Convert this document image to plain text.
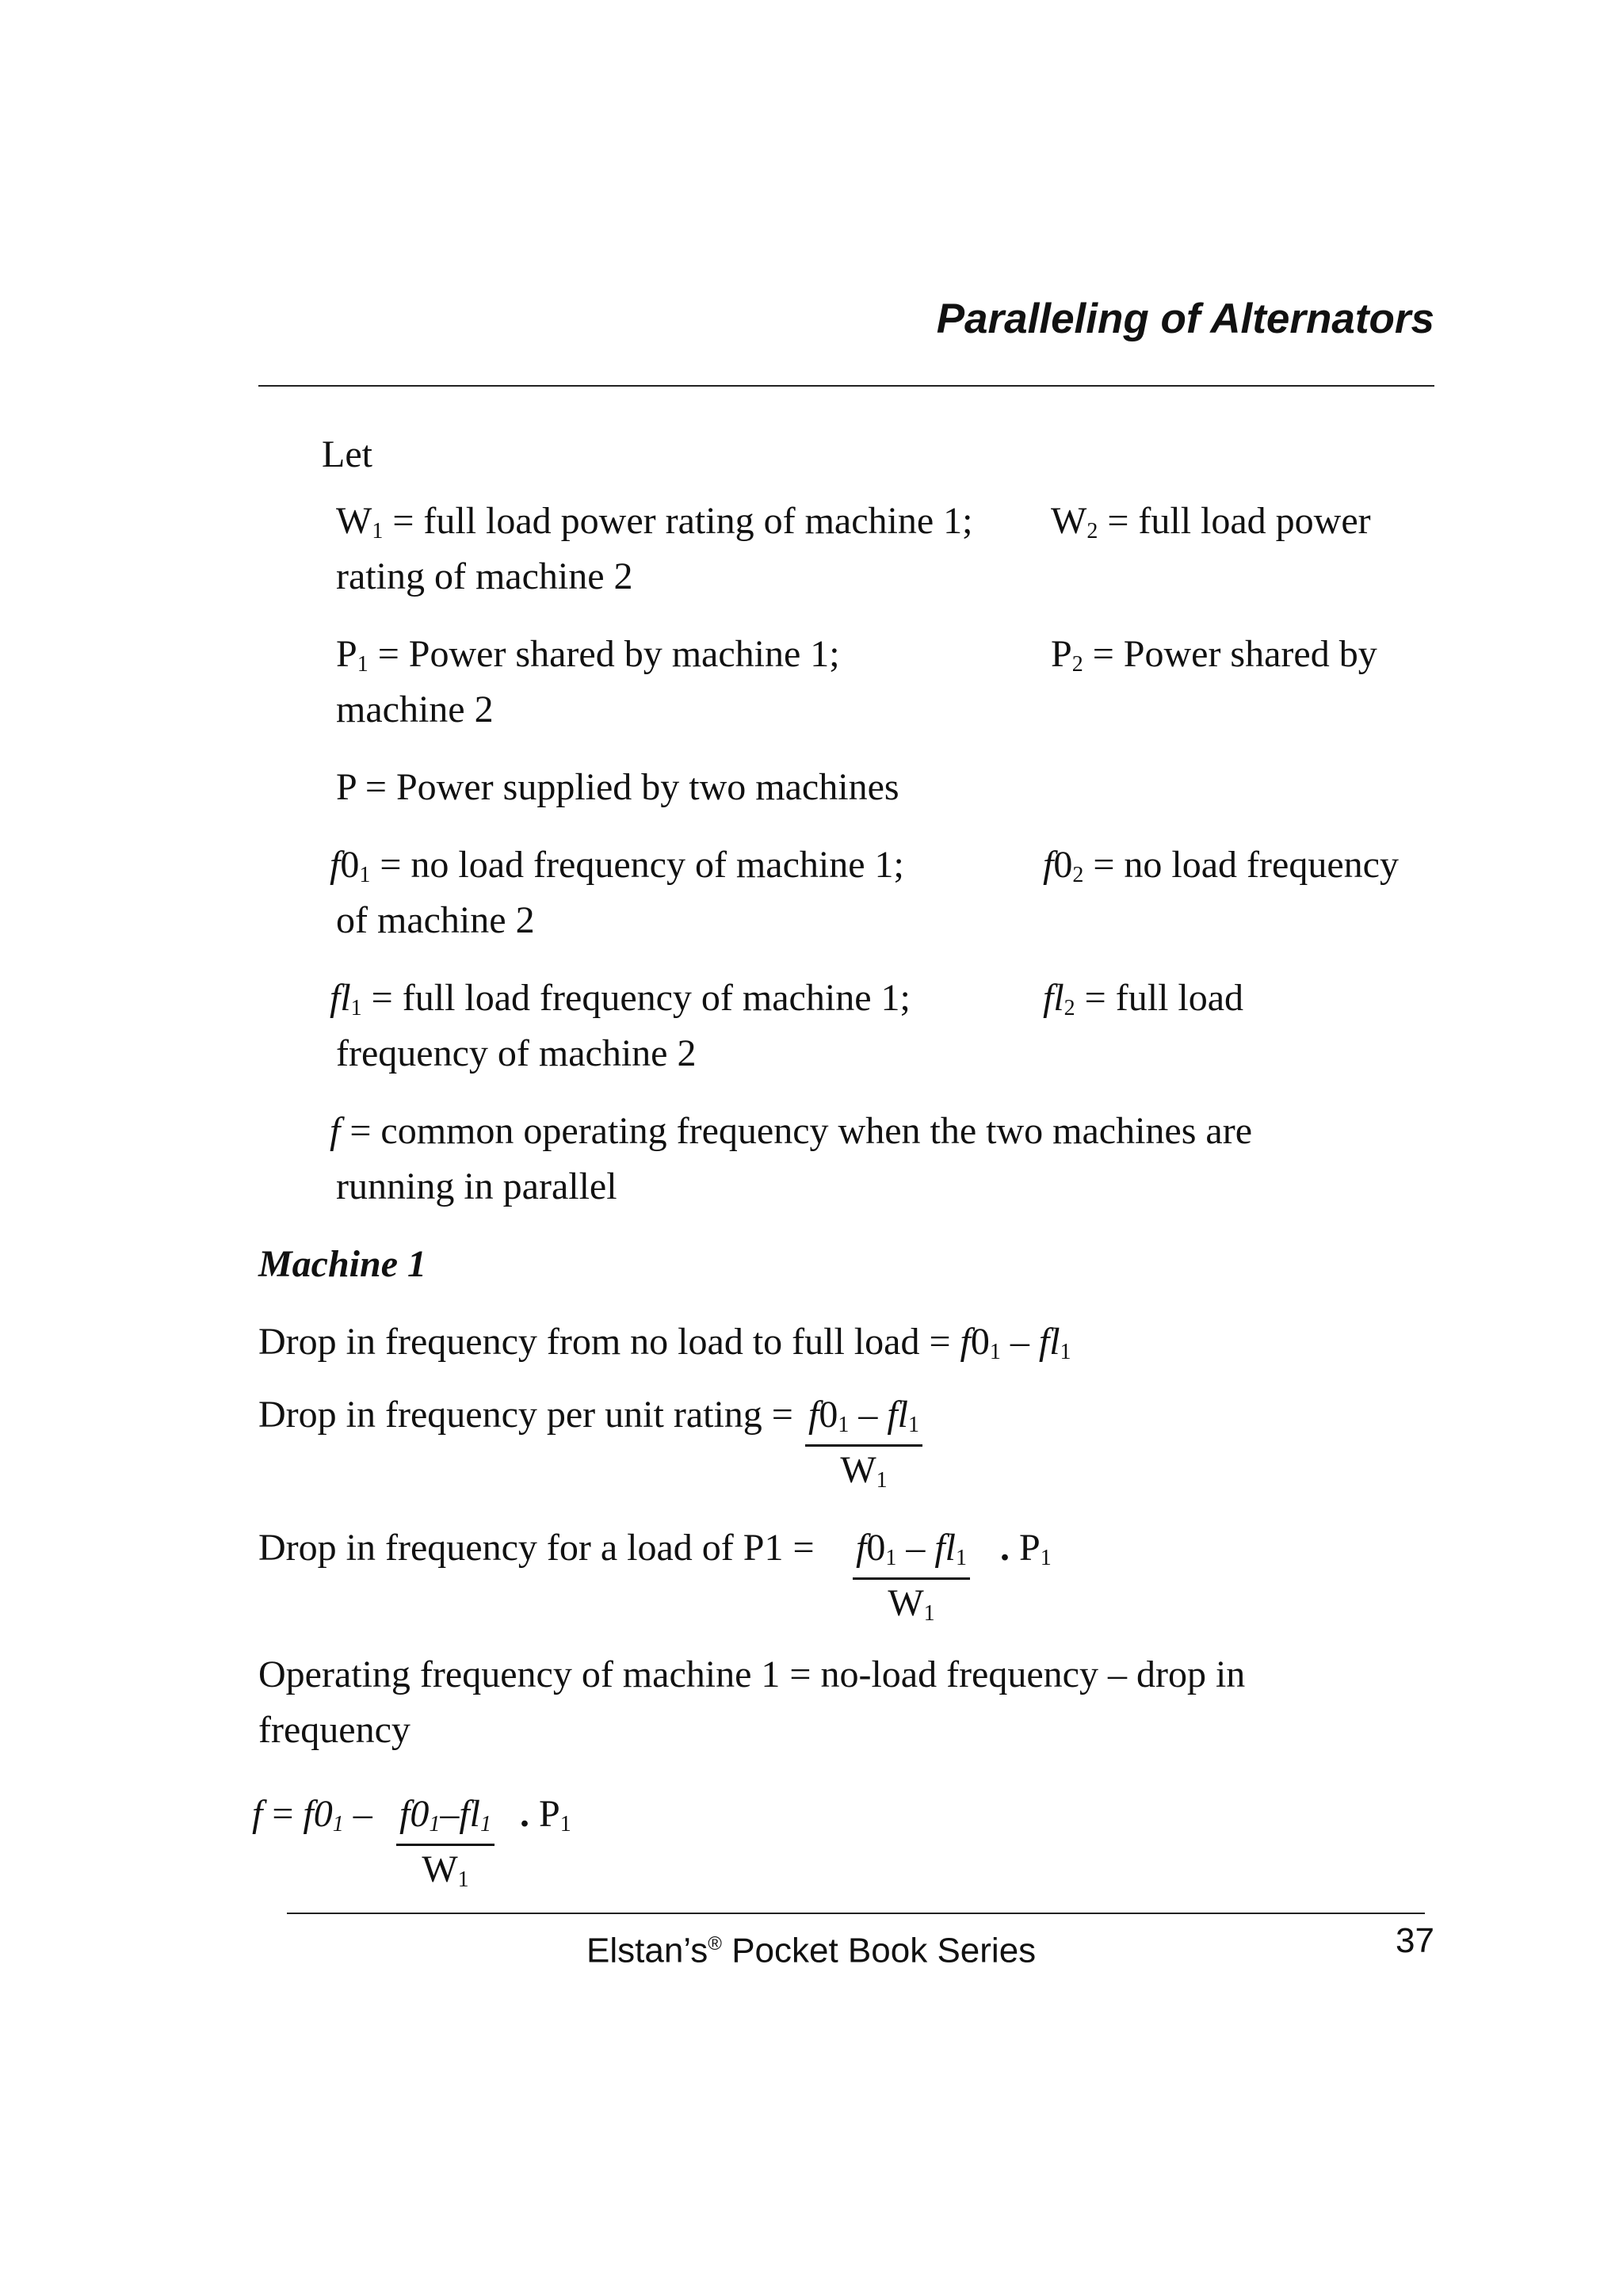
Paralleling of Alternators
Let
W1 = full load power rating of machine 1; W2 = full load power
rating of machine 2
P1 = Power shared by machine 1;	P2 = Power shared by
machine 2
P = Power supplied by two machines
f01 = no load frequency of machine 1;	f02 = no load frequency
of machine 2
fl1 = full load frequency of machine 1;	fl2 = full load
frequency of machine 2
f = common operating frequency when the two machines are
running in parallel
Machine 1
Drop in frequency from no load to full load = f01 – fl1
Drop in frequency per unit rating = $\frac{f01 - fl1}{W1}$
Drop in frequency for a load of $P1 = \frac{f01 - fl1}{W1}$ . P1
Operating frequency of machine 1 = no-load frequency – drop in
frequency
$f = f01 - \frac{f01-fl1}{W1}$ . P1
Elstan’s® Pocket Book Series	37
